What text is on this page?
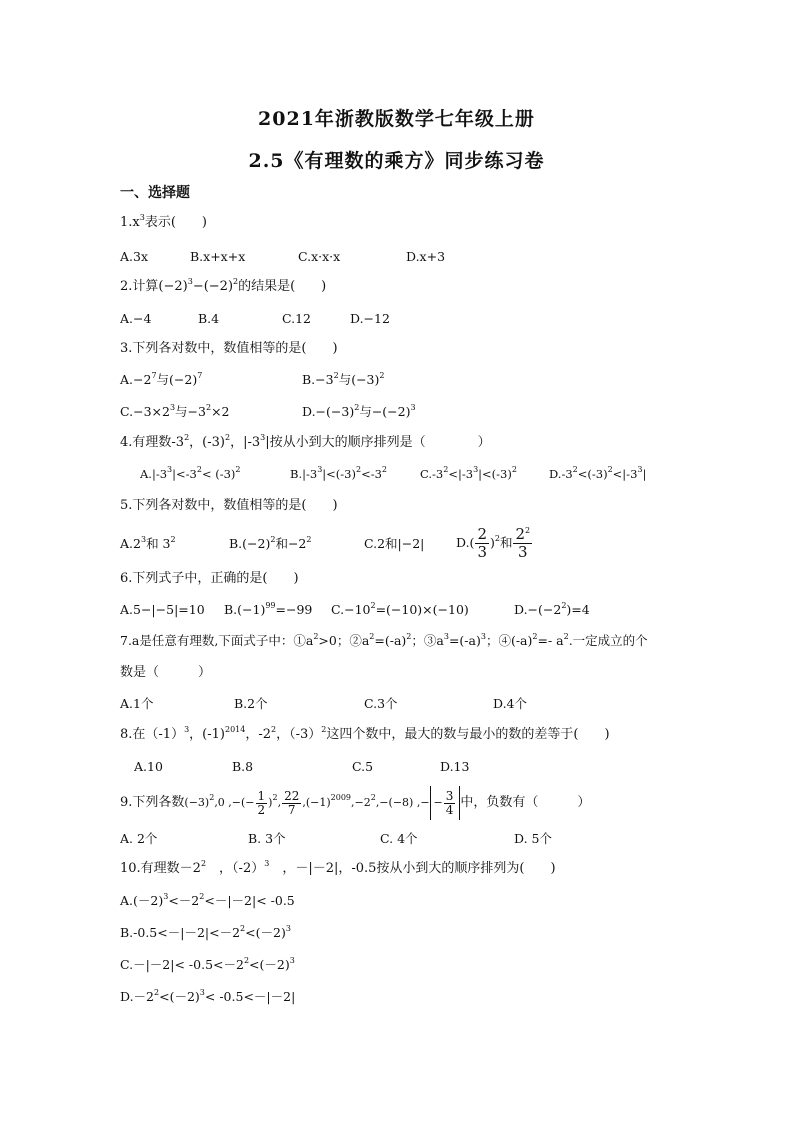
2021年浙教版数学七年级上册
2.5《有理数的乘方》同步练习卷
一、选择题
$1.x^3$表示(　　)
A.3x	B.x+x+x	C.x·x·x	D.x+3
2.计算$(-2)^3-(-2)^2$的结果是(　　)
A.−4	B.4	C.12	D.−12
3.下列各对数中，数值相等的是(　　)
$A.-2^7$与$(-2)^7$	$B.-3^2$与$(-3)^2$
$C.-3\times 2^3$与$-3^2\times 2$	$D.-(-3)^2$与$-(-2)^3$
4.有理数$-3^2$，$(-3)^2$，$|-3^3|$按从小到大的顺序排列是（　　　　）
$A.|-3^3|<-3^2< (-3)^2$	$B.|-3^3|<(-3)^2<-3^2$	$C.-3^2<|-3^3|<(-3)^2$	$D.-3^2<(-3)^2<|-3^3|$
5.下列各对数中，数值相等的是(　　)
$A.2^3$和 $3^2$	$B.(-2)^2$和$-2^2$	C.2和|−2|	$D.( \frac{2}{3} )^2$和 $\frac{2^2}{3}$
6.下列式子中，正确的是(　　)
A.5−|−5|=10 $B.(-1)^{99}=-99$ $C.-10^2=(-10)\times(-10)$	$D.-(-2^2)=4$
7.a是任意有理数,下面式子中：$①a^2>0$；$②a^2=(-a)^2$；$③a^3=(-a)^3$；$④(-a)^2=-$ $a^2$.一定成立的个
数是（　　　）
A.1个	B.2个	C.3个	D.4个
8.在$(-1)^3$，$(-1)^{2014}$，$-2^2$，$(-3)^2$这四个数中，最大的数与最小的数的差等于(　　)
A.10	B.8	C.5	D.13
9.下列各数$(-3)^2,0$ ,−(− $\frac{1}{2} )^2$, $\frac{22}{7} ,(-1)^{2009},-2^2,-(-8)$ ,− − $\frac{3}{4}$ 中，负数有（　　　）
A. 2个	B. 3个	C. 4个	D. 5个
10.有理数$-2^2$　，$(-2)^3$　，－|－2|，-0.5按从小到大的顺序排列为(　　)
$A.(-2)^3<-2^2<-|-2|< -0.5$
$B.-0.5<-|-2|<-2^2<(-2)^3$
$C.-|-2|< -0.5<-2^2<(-2)^3$
$D.-2^2<(-2)^3< -0.5<-|-2|$
